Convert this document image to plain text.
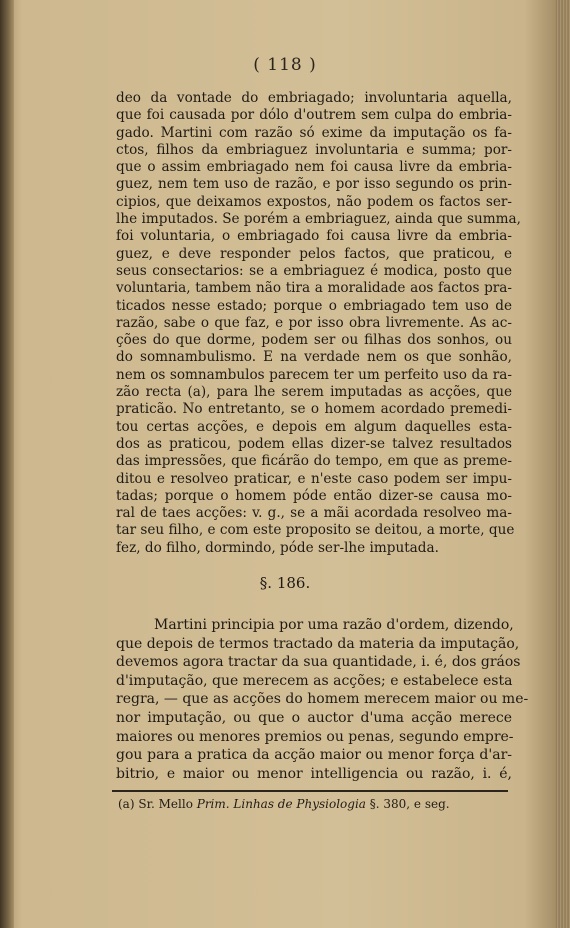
( 118 )
deo da vontade do embriagado; involuntaria aquella,
que foi causada por dólo d'outrem sem culpa do embria-
gado. Martini com razão só exime da imputação os fa-
ctos, filhos da embriaguez involuntaria e summa; por-
que o assim embriagado nem foi causa livre da embria-
guez, nem tem uso de razão, e por isso segundo os prin-
cipios, que deixamos expostos, não podem os factos ser-
lhe imputados. Se porém a embriaguez, ainda que summa,
foi voluntaria, o embriagado foi causa livre da embria-
guez, e deve responder pelos factos, que praticou, e
seus consectarios: se a embriaguez é modica, posto que
voluntaria, tambem não tira a moralidade aos factos pra-
ticados nesse estado; porque o embriagado tem uso de
razão, sabe o que faz, e por isso obra livremente. As ac-
ções do que dorme, podem ser ou filhas dos sonhos, ou
do somnambulismo. E na verdade nem os que sonhão,
nem os somnambulos parecem ter um perfeito uso da ra-
zão recta (a), para lhe serem imputadas as acções, que
praticão. No entretanto, se o homem acordado premedi-
tou certas acções, e depois em algum daquelles esta-
dos as praticou, podem ellas dizer-se talvez resultados
das impressões, que ficárão do tempo, em que as preme-
ditou e resolveo praticar, e n'este caso podem ser impu-
tadas; porque o homem póde então dizer-se causa mo-
ral de taes acções: v. g., se a mãi acordada resolveo ma-
tar seu filho, e com este proposito se deitou, a morte, que
fez, do filho, dormindo, póde ser-lhe imputada.
§. 186.
Martini principia por uma razão d'ordem, dizendo,
que depois de termos tractado da materia da imputação,
devemos agora tractar da sua quantidade, i. é, dos gráos
d'imputação, que merecem as acções; e estabelece esta
regra, — que as acções do homem merecem maior ou me-
nor imputação, ou que o auctor d'uma acção merece
maiores ou menores premios ou penas, segundo empre-
gou para a pratica da acção maior ou menor força d'ar-
bitrio, e maior ou menor intelligencia ou razão, i. é,
(a) Sr. Mello Prim. Linhas de Physiologia §. 380, e seg.
